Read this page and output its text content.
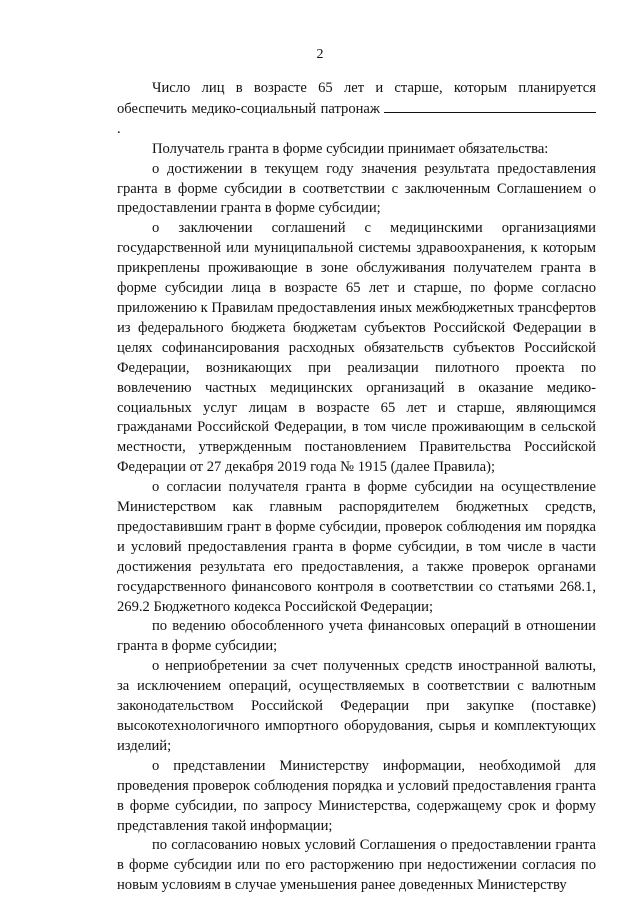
2

Число лиц в возрасте 65 лет и старше, которым планируется обеспечить медико-социальный патронаж.

Получатель гранта в форме субсидии принимает обязательства:

о достижении в текущем году значения результата предоставления гранта в форме субсидии в соответствии с заключенным Соглашением о предоставлении гранта в форме субсидии;

о заключении соглашений с медицинскими организациями государственной или муниципальной системы здравоохранения, к которым прикреплены проживающие в зоне обслуживания получателем гранта в форме субсидии лица в возрасте 65 лет и старше, по форме согласно приложению к Правилам предоставления иных межбюджетных трансфертов из федерального бюджета бюджетам субъектов Российской Федерации в целях софинансирования расходных обязательств субъектов Российской Федерации, возникающих при реализации пилотного проекта по вовлечению частных медицинских организаций в оказание медико-социальных услуг лицам в возрасте 65 лет и старше, являющимся гражданами Российской Федерации, в том числе проживающим в сельской местности, утвержденным постановлением Правительства Российской Федерации от 27 декабря 2019 года № 1915 (далее Правила);

о согласии получателя гранта в форме субсидии на осуществление Министерством как главным распорядителем бюджетных средств, предоставившим грант в форме субсидии, проверок соблюдения им порядка и условий предоставления гранта в форме субсидии, в том числе в части достижения результата его предоставления, а также проверок органами государственного финансового контроля в соответствии со статьями 268.1, 269.2 Бюджетного кодекса Российской Федерации;

по ведению обособленного учета финансовых операций в отношении гранта в форме субсидии;

о неприобретении за счет полученных средств иностранной валюты, за исключением операций, осуществляемых в соответствии с валютным законодательством Российской Федерации при закупке (поставке) высокотехнологичного импортного оборудования, сырья и комплектующих изделий;

о представлении Министерству информации, необходимой для проведения проверок соблюдения порядка и условий предоставления гранта в форме субсидии, по запросу Министерства, содержащему срок и форму представления такой информации;

по согласованию новых условий Соглашения о предоставлении гранта в форме субсидии или по его расторжению при недостижении согласия по новым условиям в случае уменьшения ранее доведенных Министерству
